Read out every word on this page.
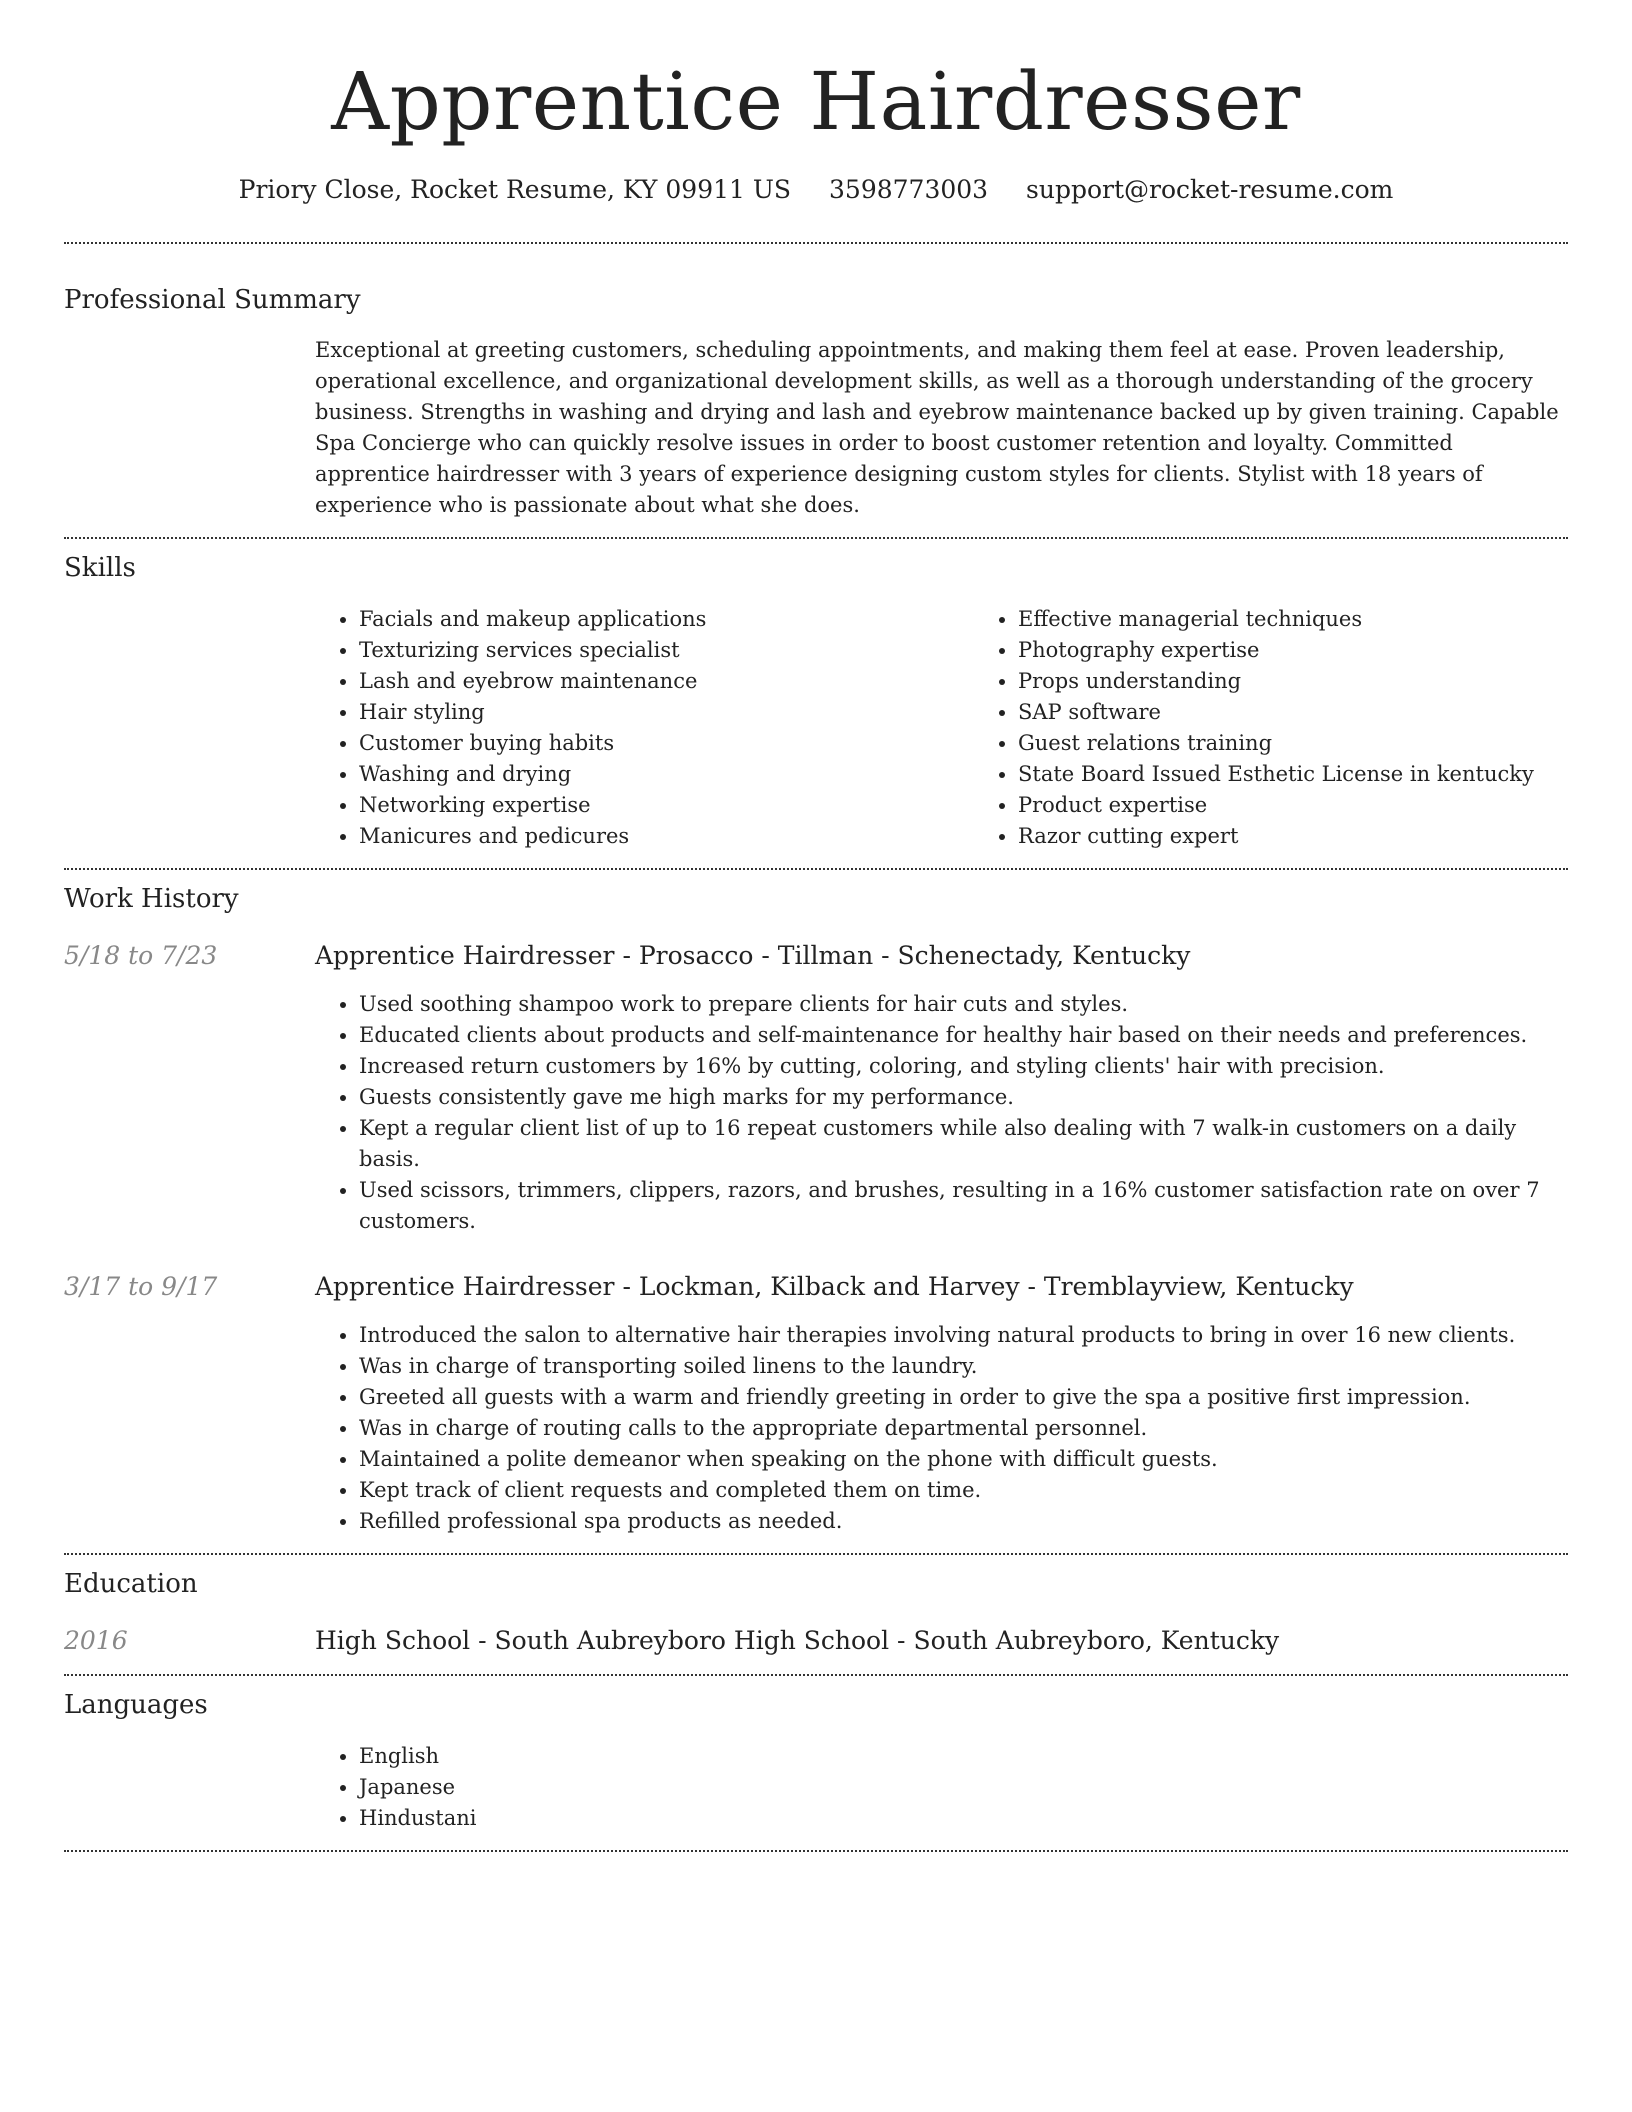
Apprentice Hairdresser
Priory Close, Rocket Resume, KY 09911 US 3598773003 support@rocket-resume.com
Professional Summary

Exceptional at greeting customers, scheduling appointments, and making them feel at ease. Proven leadership, operational excellence, and organizational development skills, as well as a thorough understanding of the grocery business. Strengths in washing and drying and lash and eyebrow maintenance backed up by given training. Capable Spa Concierge who can quickly resolve issues in order to boost customer retention and loyalty. Committed apprentice hairdresser with 3 years of experience designing custom styles for clients. Stylist with 18 years of experience who is passionate about what she does.

Skills
• Facials and makeup applications
• Texturizing services specialist
• Lash and eyebrow maintenance
• Hair styling
• Customer buying habits
• Washing and drying
• Networking expertise
• Manicures and pedicures
• Effective managerial techniques
• Photography expertise
• Props understanding
• SAP software
• Guest relations training
• State Board Issued Esthetic License in kentucky
• Product expertise
• Razor cutting expert
Work History
5/18 to 7/23	Apprentice Hairdresser - Prosacco - Tillman - Schenectady, Kentucky
• Used soothing shampoo work to prepare clients for hair cuts and styles.
• Educated clients about products and self-maintenance for healthy hair based on their needs and preferences.
• Increased return customers by 16% by cutting, coloring, and styling clients' hair with precision.
• Guests consistently gave me high marks for my performance.
• Kept a regular client list of up to 16 repeat customers while also dealing with 7 walk-in customers on a daily basis.
• Used scissors, trimmers, clippers, razors, and brushes, resulting in a 16% customer satisfaction rate on over 7 customers.
3/17 to 9/17	Apprentice Hairdresser - Lockman, Kilback and Harvey - Tremblayview, Kentucky
• Introduced the salon to alternative hair therapies involving natural products to bring in over 16 new clients.
• Was in charge of transporting soiled linens to the laundry.
• Greeted all guests with a warm and friendly greeting in order to give the spa a positive first impression.
• Was in charge of routing calls to the appropriate departmental personnel.
• Maintained a polite demeanor when speaking on the phone with difficult guests.
• Kept track of client requests and completed them on time.
• Refilled professional spa products as needed.
Education
2016	High School - South Aubreyboro High School - South Aubreyboro, Kentucky
Languages
• English
• Japanese
• Hindustani
